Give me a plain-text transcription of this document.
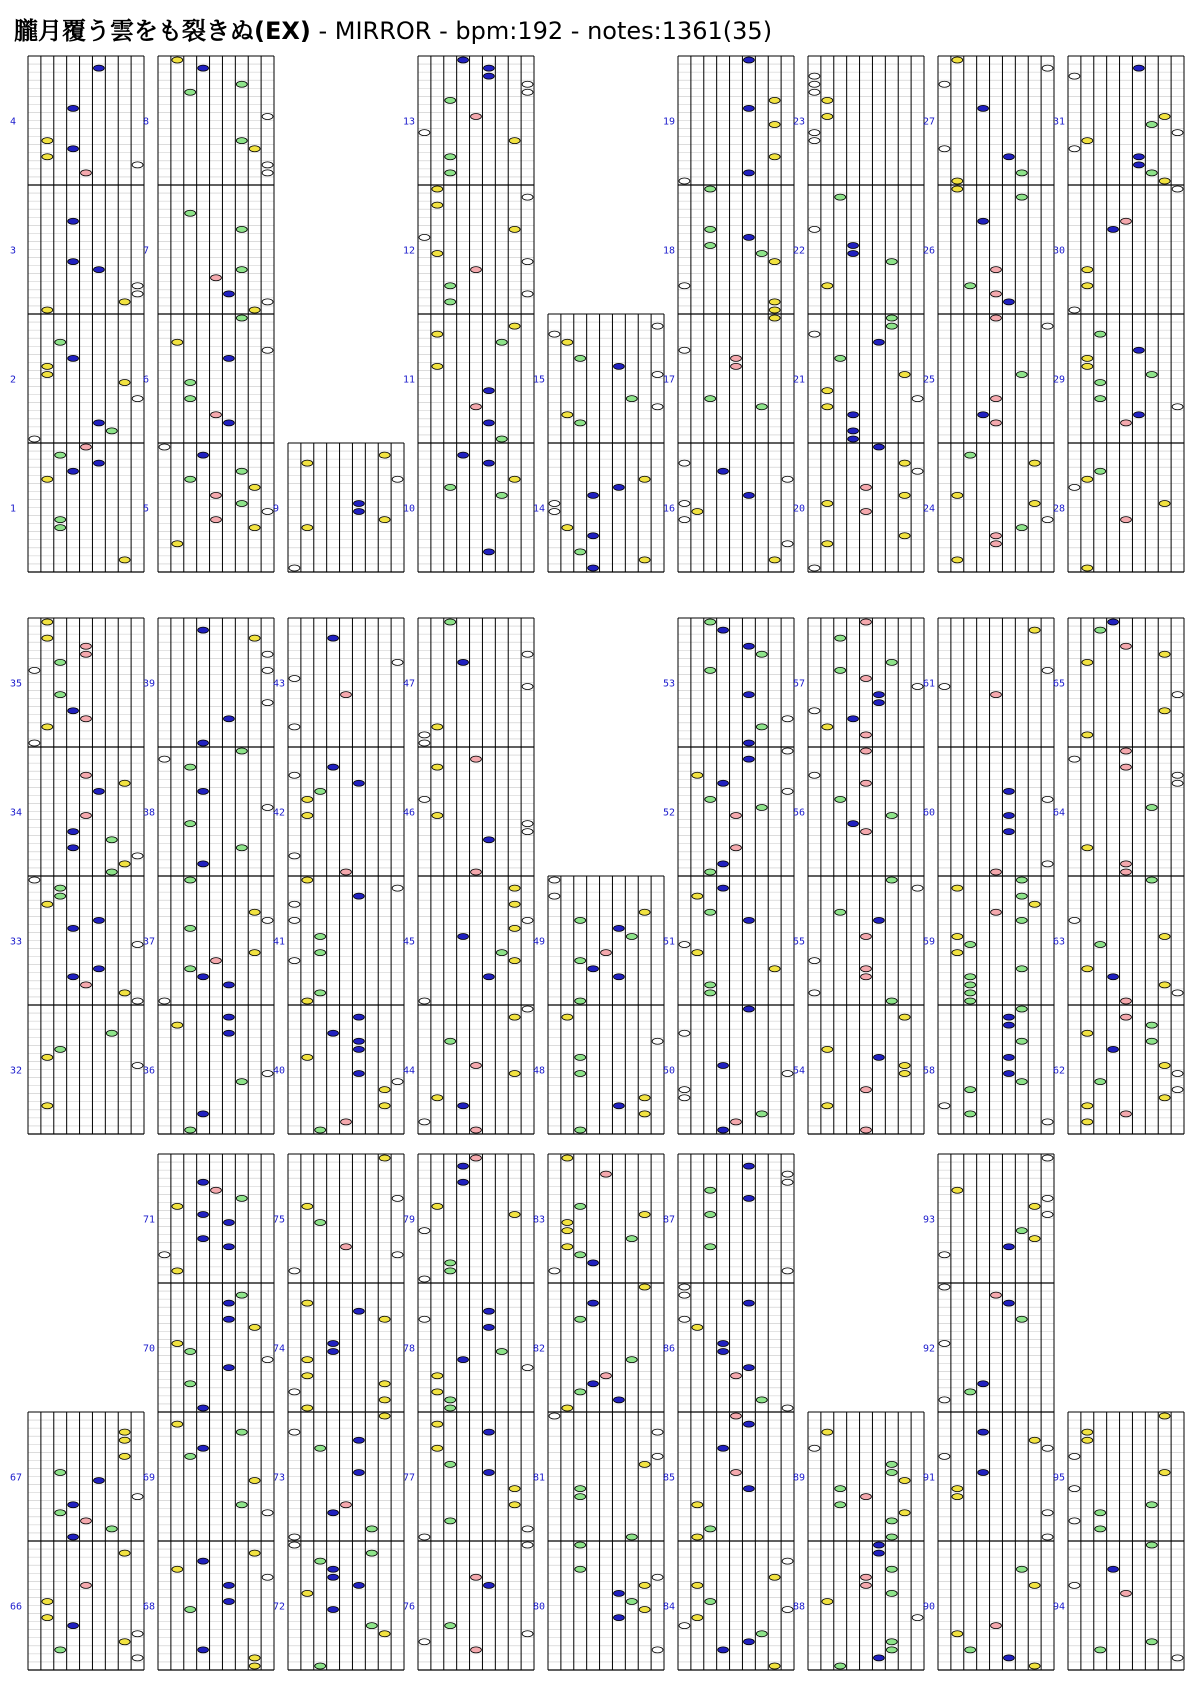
朧月覆う雲をも裂きぬ(EX) - MIRROR - bpm:192 - notes:1361(35)
1
2
3
4
5
6
7
8
9	10
11
12
13
14
15
16
17
18
19
20
21
22
23
24
25
26
27
28
29
30
31
32
33
34
35
36
37
38
39
40
41
42
43
44
45
46
47
48
49
50
51
52
53
54
55
56
57
58
59
60
61
62
63
64
65
66
67
68
69
70
71
72
73
74
75
76
77
78
79
80
81
82
83
84
85
86
87
88
89
90
91
92
93
94
95
